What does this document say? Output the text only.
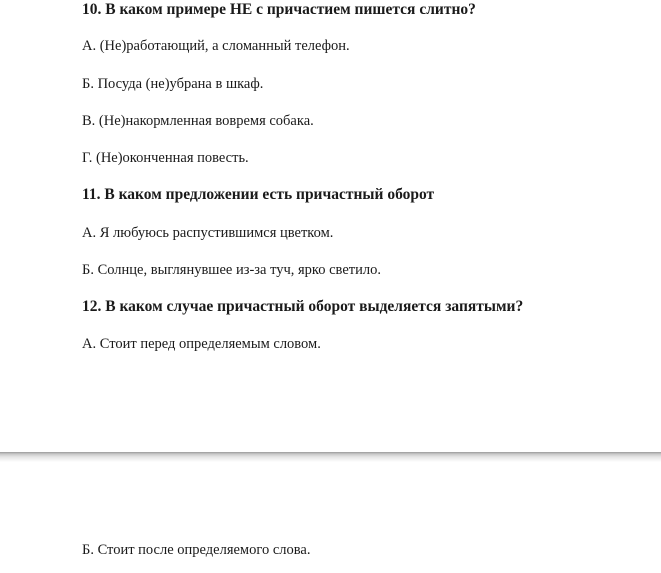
10. В каком примере НЕ с причастием пишется слитно?
А. (Не)работающий, а сломанный телефон.
Б. Посуда (не)убрана в шкаф.
В. (Не)накормленная вовремя собака.
Г. (Не)оконченная повесть.
11. В каком предложении есть причастный оборот
А. Я любуюсь распустившимся цветком.
Б. Солнце, выглянувшее из-за туч, ярко светило.
12. В каком случае причастный оборот выделяется запятыми?
А. Стоит перед определяемым словом.
Б. Стоит после определяемого слова.
